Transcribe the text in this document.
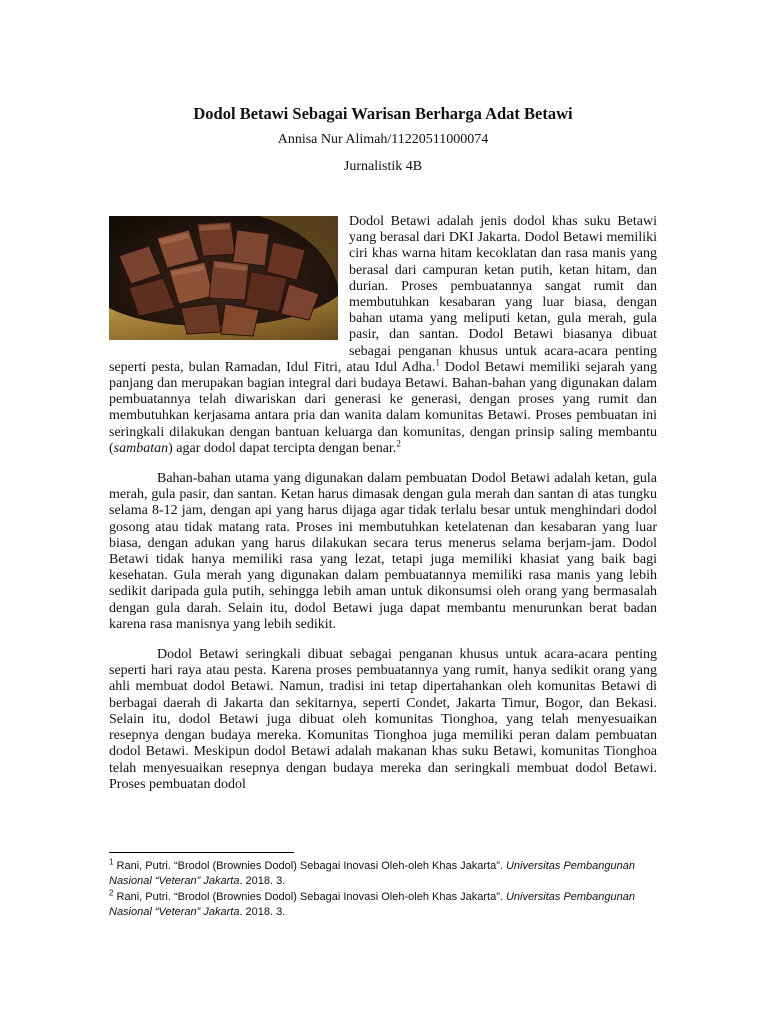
Dodol Betawi Sebagai Warisan Berharga Adat Betawi
Annisa Nur Alimah/11220511000074
Jurnalistik 4B

Dodol Betawi adalah jenis dodol khas suku Betawi yang berasal dari DKI Jakarta. Dodol Betawi memiliki ciri khas warna hitam kecoklatan dan rasa manis yang berasal dari campuran ketan putih, ketan hitam, dan durian. Proses pembuatannya sangat rumit dan membutuhkan kesabaran yang luar biasa, dengan bahan utama yang meliputi ketan, gula merah, gula pasir, dan santan. Dodol Betawi biasanya dibuat sebagai penganan khusus untuk acara-acara penting seperti pesta, bulan Ramadan, Idul Fitri, atau Idul Adha.$^1$ Dodol Betawi memiliki sejarah yang panjang dan merupakan bagian integral dari budaya Betawi. Bahan-bahan yang digunakan dalam pembuatannya telah diwariskan dari generasi ke generasi, dengan proses yang rumit dan membutuhkan kerjasama antara pria dan wanita dalam komunitas Betawi. Proses pembuatan ini seringkali dilakukan dengan bantuan keluarga dan komunitas, dengan prinsip saling membantu (sambatan) agar dodol dapat tercipta dengan benar.$^2$

Bahan-bahan utama yang digunakan dalam pembuatan Dodol Betawi adalah ketan, gula merah, gula pasir, dan santan. Ketan harus dimasak dengan gula merah dan santan di atas tungku selama 8-12 jam, dengan api yang harus dijaga agar tidak terlalu besar untuk menghindari dodol gosong atau tidak matang rata. Proses ini membutuhkan ketelatenan dan kesabaran yang luar biasa, dengan adukan yang harus dilakukan secara terus menerus selama berjam-jam. Dodol Betawi tidak hanya memiliki rasa yang lezat, tetapi juga memiliki khasiat yang baik bagi kesehatan. Gula merah yang digunakan dalam pembuatannya memiliki rasa manis yang lebih sedikit daripada gula putih, sehingga lebih aman untuk dikonsumsi oleh orang yang bermasalah dengan gula darah. Selain itu, dodol Betawi juga dapat membantu menurunkan berat badan karena rasa manisnya yang lebih sedikit.

Dodol Betawi seringkali dibuat sebagai penganan khusus untuk acara-acara penting seperti hari raya atau pesta. Karena proses pembuatannya yang rumit, hanya sedikit orang yang ahli membuat dodol Betawi. Namun, tradisi ini tetap dipertahankan oleh komunitas Betawi di berbagai daerah di Jakarta dan sekitarnya, seperti Condet, Jakarta Timur, Bogor, dan Bekasi. Selain itu, dodol Betawi juga dibuat oleh komunitas Tionghoa, yang telah menyesuaikan resepnya dengan budaya mereka. Komunitas Tionghoa juga memiliki peran dalam pembuatan dodol Betawi. Meskipun dodol Betawi adalah makanan khas suku Betawi, komunitas Tionghoa telah menyesuaikan resepnya dengan budaya mereka dan seringkali membuat dodol Betawi. Proses pembuatan dodol

$^1$ Rani, Putri. “Brodol (Brownies Dodol) Sebagai Inovasi Oleh-oleh Khas Jakarta”. Universitas Pembangunan Nasional “Veteran” Jakarta. 2018. 3.
$^2$ Rani, Putri. “Brodol (Brownies Dodol) Sebagai Inovasi Oleh-oleh Khas Jakarta”. Universitas Pembangunan Nasional “Veteran” Jakarta. 2018. 3.
